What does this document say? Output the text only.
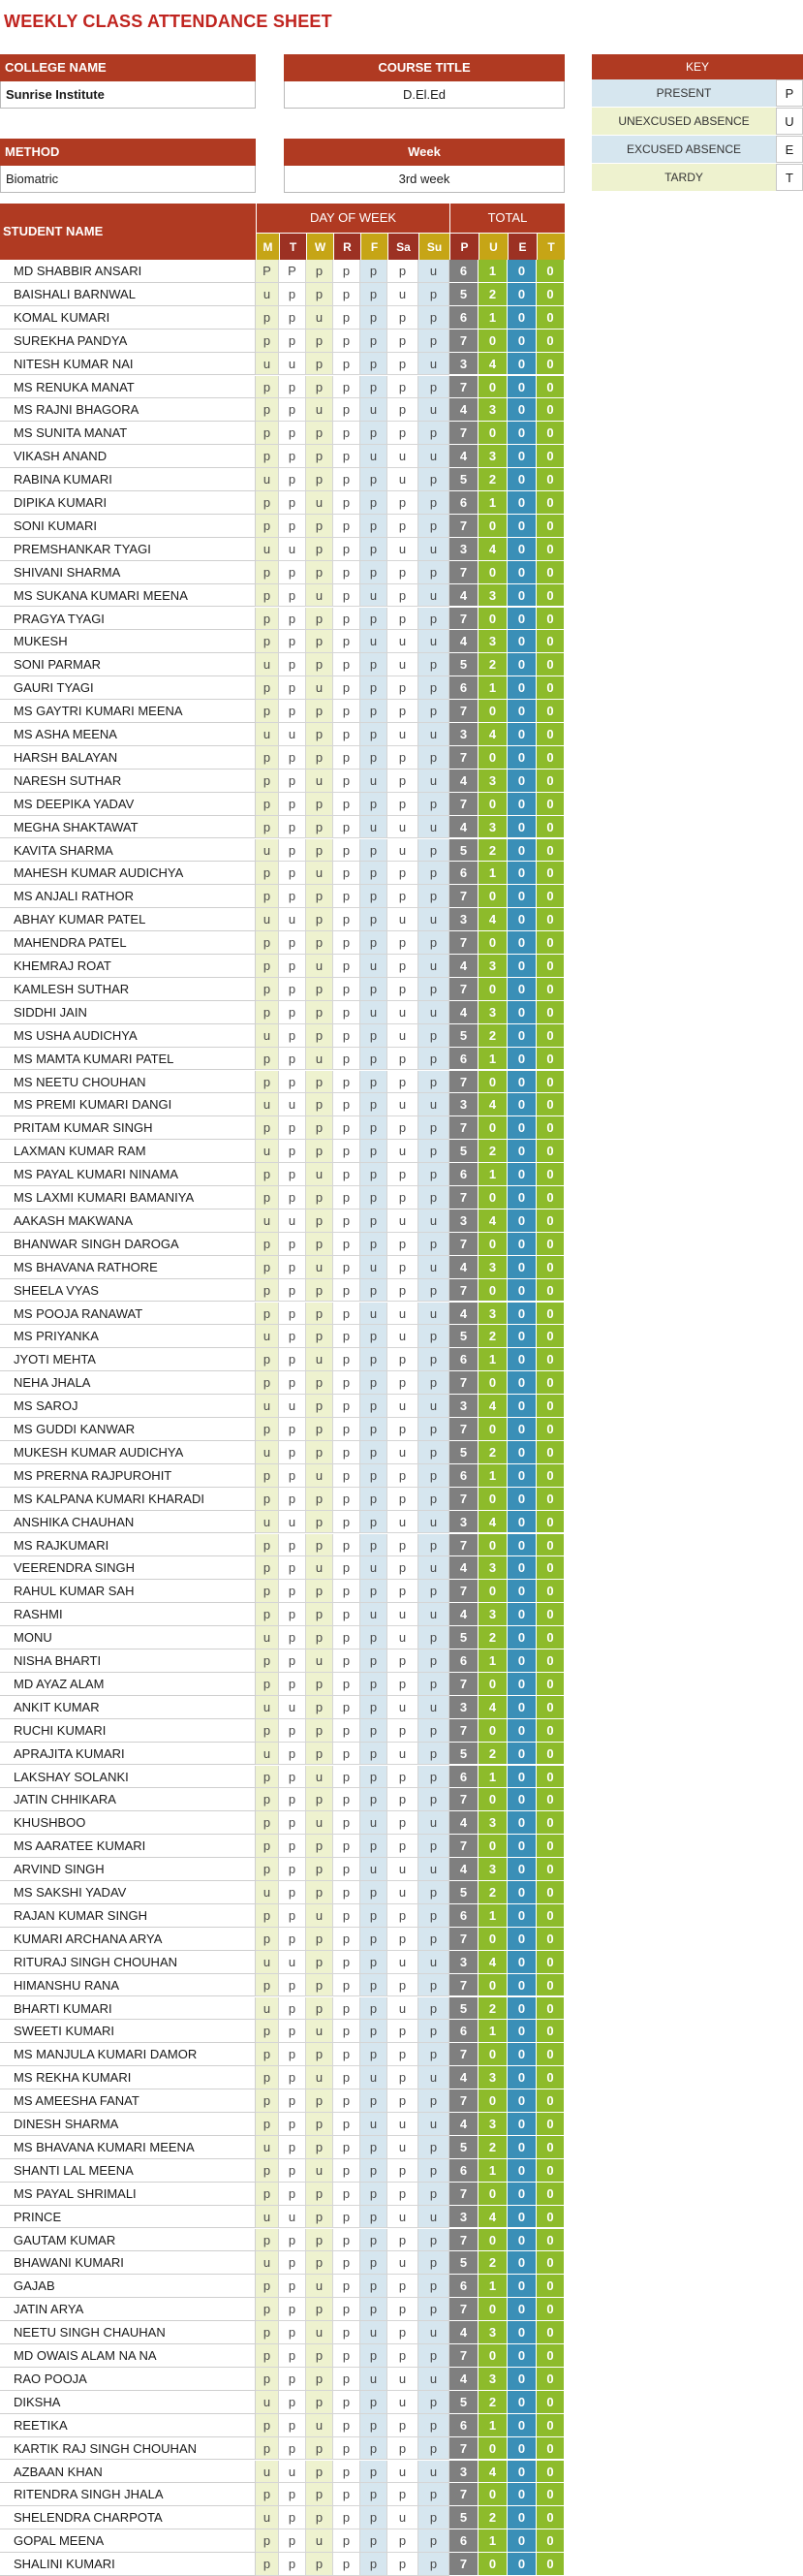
WEEKLY CLASS ATTENDANCE SHEET
COLLEGE NAME
Sunrise Institute
COURSE TITLE
D.El.Ed
METHOD
Biomatric
Week
3rd week
KEY
PRESENT	P
UNEXCUSED ABSENCE	U
EXCUSED ABSENCE	E
TARDY	T
STUDENT NAME
DAY OF WEEK	TOTAL
M	T	W	R	F	Sa	Su	P	U	E	T
MD SHABBIR ANSARI	P	P	p	p	p	p	u	6	1	0	0
BAISHALI BARNWAL	u	p	p	p	p	u	p	5	2	0	0
KOMAL KUMARI	p	p	u	p	p	p	p	6	1	0	0
SUREKHA PANDYA	p	p	p	p	p	p	p	7	0	0	0
NITESH KUMAR NAI	u	u	p	p	p	p	u	3	4	0	0
MS RENUKA MANAT	p	p	p	p	p	p	p	7	0	0	0
MS RAJNI BHAGORA	p	p	u	p	u	p	u	4	3	0	0
MS SUNITA MANAT	p	p	p	p	p	p	p	7	0	0	0
VIKASH ANAND	p	p	p	p	u	u	u	4	3	0	0
RABINA KUMARI	u	p	p	p	p	u	p	5	2	0	0
DIPIKA KUMARI	p	p	u	p	p	p	p	6	1	0	0
SONI KUMARI	p	p	p	p	p	p	p	7	0	0	0
PREMSHANKAR TYAGI	u	u	p	p	p	u	u	3	4	0	0
SHIVANI SHARMA	p	p	p	p	p	p	p	7	0	0	0
MS SUKANA KUMARI MEENA	p	p	u	p	u	p	u	4	3	0	0
PRAGYA TYAGI	p	p	p	p	p	p	p	7	0	0	0
MUKESH	p	p	p	p	u	u	u	4	3	0	0
SONI PARMAR	u	p	p	p	p	u	p	5	2	0	0
GAURI TYAGI	p	p	u	p	p	p	p	6	1	0	0
MS GAYTRI KUMARI MEENA	p	p	p	p	p	p	p	7	0	0	0
MS ASHA MEENA	u	u	p	p	p	u	u	3	4	0	0
HARSH BALAYAN	p	p	p	p	p	p	p	7	0	0	0
NARESH SUTHAR	p	p	u	p	u	p	u	4	3	0	0
MS DEEPIKA YADAV	p	p	p	p	p	p	p	7	0	0	0
MEGHA SHAKTAWAT	p	p	p	p	u	u	u	4	3	0	0
KAVITA SHARMA	u	p	p	p	p	u	p	5	2	0	0
MAHESH KUMAR AUDICHYA	p	p	u	p	p	p	p	6	1	0	0
MS ANJALI RATHOR	p	p	p	p	p	p	p	7	0	0	0
ABHAY KUMAR PATEL	u	u	p	p	p	u	u	3	4	0	0
MAHENDRA PATEL	p	p	p	p	p	p	p	7	0	0	0
KHEMRAJ ROAT	p	p	u	p	u	p	u	4	3	0	0
KAMLESH SUTHAR	p	p	p	p	p	p	p	7	0	0	0
SIDDHI JAIN	p	p	p	p	u	u	u	4	3	0	0
MS USHA AUDICHYA	u	p	p	p	p	u	p	5	2	0	0
MS MAMTA KUMARI PATEL	p	p	u	p	p	p	p	6	1	0	0
MS NEETU CHOUHAN	p	p	p	p	p	p	p	7	0	0	0
MS PREMI KUMARI DANGI	u	u	p	p	p	u	u	3	4	0	0
PRITAM KUMAR SINGH	p	p	p	p	p	p	p	7	0	0	0
LAXMAN KUMAR RAM	u	p	p	p	p	u	p	5	2	0	0
MS PAYAL KUMARI NINAMA	p	p	u	p	p	p	p	6	1	0	0
MS LAXMI KUMARI BAMANIYA	p	p	p	p	p	p	p	7	0	0	0
AAKASH MAKWANA	u	u	p	p	p	u	u	3	4	0	0
BHANWAR SINGH DAROGA	p	p	p	p	p	p	p	7	0	0	0
MS BHAVANA RATHORE	p	p	u	p	u	p	u	4	3	0	0
SHEELA VYAS	p	p	p	p	p	p	p	7	0	0	0
MS POOJA RANAWAT	p	p	p	p	u	u	u	4	3	0	0
MS PRIYANKA	u	p	p	p	p	u	p	5	2	0	0
JYOTI MEHTA	p	p	u	p	p	p	p	6	1	0	0
NEHA JHALA	p	p	p	p	p	p	p	7	0	0	0
MS SAROJ	u	u	p	p	p	u	u	3	4	0	0
MS GUDDI KANWAR	p	p	p	p	p	p	p	7	0	0	0
MUKESH KUMAR AUDICHYA	u	p	p	p	p	u	p	5	2	0	0
MS PRERNA RAJPUROHIT	p	p	u	p	p	p	p	6	1	0	0
MS KALPANA KUMARI KHARADI	p	p	p	p	p	p	p	7	0	0	0
ANSHIKA CHAUHAN	u	u	p	p	p	u	u	3	4	0	0
MS RAJKUMARI	p	p	p	p	p	p	p	7	0	0	0
VEERENDRA SINGH	p	p	u	p	u	p	u	4	3	0	0
RAHUL KUMAR SAH	p	p	p	p	p	p	p	7	0	0	0
RASHMI	p	p	p	p	u	u	u	4	3	0	0
MONU	u	p	p	p	p	u	p	5	2	0	0
NISHA BHARTI	p	p	u	p	p	p	p	6	1	0	0
MD AYAZ ALAM	p	p	p	p	p	p	p	7	0	0	0
ANKIT KUMAR	u	u	p	p	p	u	u	3	4	0	0
RUCHI KUMARI	p	p	p	p	p	p	p	7	0	0	0
APRAJITA KUMARI	u	p	p	p	p	u	p	5	2	0	0
LAKSHAY SOLANKI	p	p	u	p	p	p	p	6	1	0	0
JATIN CHHIKARA	p	p	p	p	p	p	p	7	0	0	0
KHUSHBOO	p	p	u	p	u	p	u	4	3	0	0
MS AARATEE KUMARI	p	p	p	p	p	p	p	7	0	0	0
ARVIND SINGH	p	p	p	p	u	u	u	4	3	0	0
MS SAKSHI YADAV	u	p	p	p	p	u	p	5	2	0	0
RAJAN KUMAR SINGH	p	p	u	p	p	p	p	6	1	0	0
KUMARI ARCHANA ARYA	p	p	p	p	p	p	p	7	0	0	0
RITURAJ SINGH CHOUHAN	u	u	p	p	p	u	u	3	4	0	0
HIMANSHU RANA	p	p	p	p	p	p	p	7	0	0	0
BHARTI KUMARI	u	p	p	p	p	u	p	5	2	0	0
SWEETI KUMARI	p	p	u	p	p	p	p	6	1	0	0
MS MANJULA KUMARI DAMOR	p	p	p	p	p	p	p	7	0	0	0
MS REKHA KUMARI	p	p	u	p	u	p	u	4	3	0	0
MS AMEESHA FANAT	p	p	p	p	p	p	p	7	0	0	0
DINESH SHARMA	p	p	p	p	u	u	u	4	3	0	0
MS BHAVANA KUMARI MEENA	u	p	p	p	p	u	p	5	2	0	0
SHANTI LAL MEENA	p	p	u	p	p	p	p	6	1	0	0
MS PAYAL SHRIMALI	p	p	p	p	p	p	p	7	0	0	0
PRINCE	u	u	p	p	p	u	u	3	4	0	0
GAUTAM KUMAR	p	p	p	p	p	p	p	7	0	0	0
BHAWANI KUMARI	u	p	p	p	p	u	p	5	2	0	0
GAJAB	p	p	u	p	p	p	p	6	1	0	0
JATIN ARYA	p	p	p	p	p	p	p	7	0	0	0
NEETU SINGH CHAUHAN	p	p	u	p	u	p	u	4	3	0	0
MD OWAIS ALAM NA NA	p	p	p	p	p	p	p	7	0	0	0
RAO POOJA	p	p	p	p	u	u	u	4	3	0	0
DIKSHA	u	p	p	p	p	u	p	5	2	0	0
REETIKA	p	p	u	p	p	p	p	6	1	0	0
KARTIK RAJ SINGH CHOUHAN	p	p	p	p	p	p	p	7	0	0	0
AZBAAN KHAN	u	u	p	p	p	u	u	3	4	0	0
RITENDRA SINGH JHALA	p	p	p	p	p	p	p	7	0	0	0
SHELENDRA CHARPOTA	u	p	p	p	p	u	p	5	2	0	0
GOPAL MEENA	p	p	u	p	p	p	p	6	1	0	0
SHALINI KUMARI	p	p	p	p	p	p	p	7	0	0	0
